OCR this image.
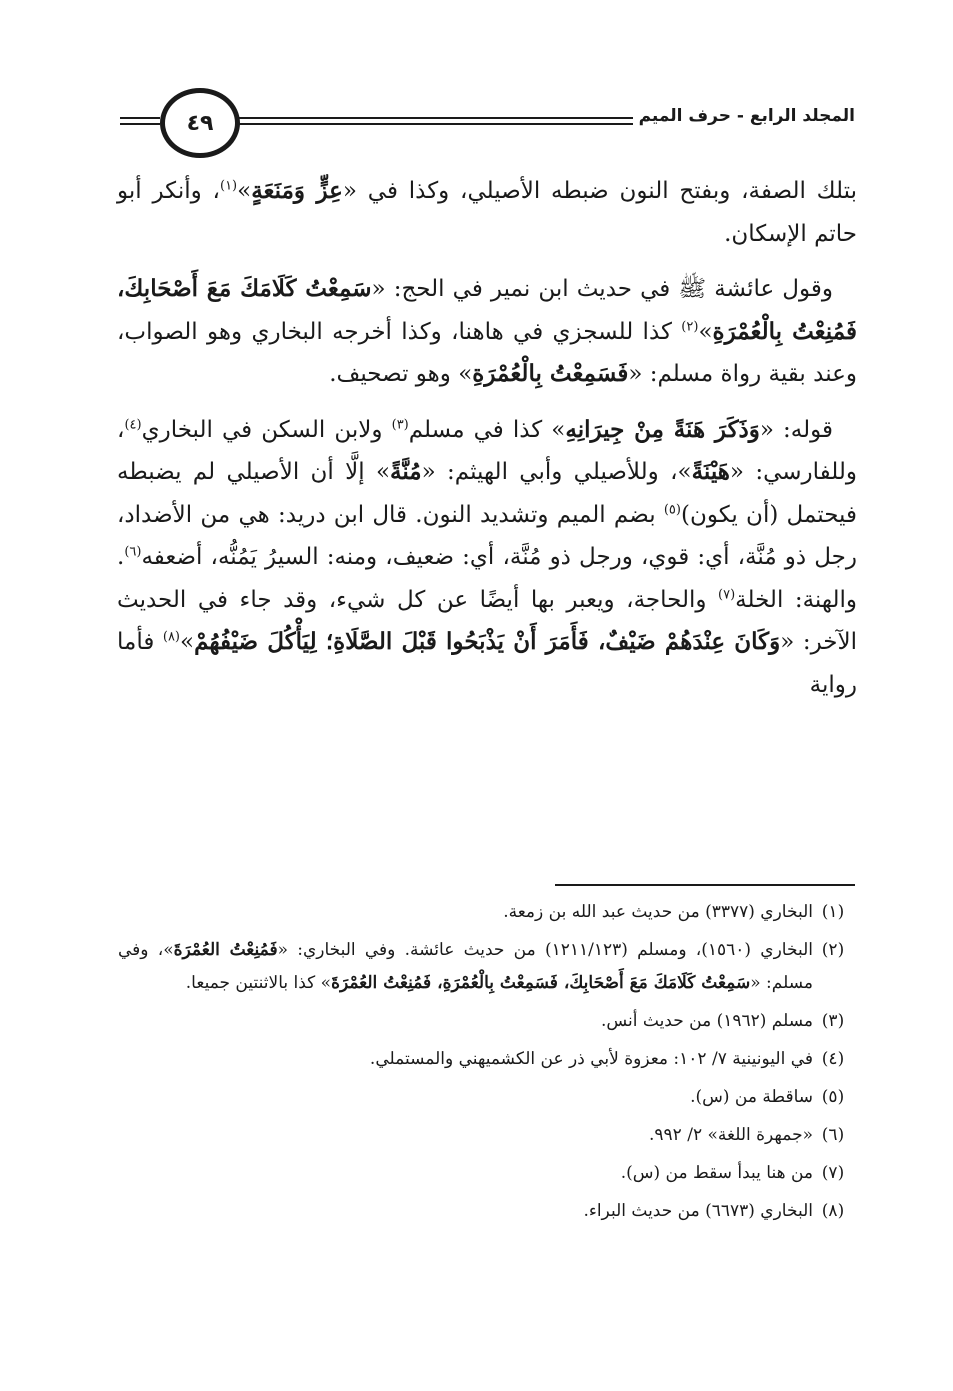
المجلد الرابع - حرف الميم
٤٩

بتلك الصفة، وبفتح النون ضبطه الأصيلي، وكذا في «عِزٍّ وَمَنَعَةٍ»$^{(١)}$، وأنكر أبو حاتم الإسكان.

وقول عائشة ﷺ في حديث ابن نمير في الحج: «سَمِعْتُ كَلَامَكَ مَعَ أَصْحَابِكَ، فَمُنِعْتُ بِالْعُمْرَةِ»$^{(٢)}$ كذا للسجزي في هاهنا، وكذا أخرجه البخاري وهو الصواب، وعند بقية رواة مسلم: «فَسَمِعْتُ بِالْعُمْرَةِ» وهو تصحيف.

قوله: «وَذَكَرَ هَنَةً مِنْ جِيرَانِهِ» كذا في مسلم$^{(٣)}$ ولابن السكن في البخاري$^{(٤)}$، وللفارسي: «هَيْنَةً»، وللأصيلي وأبي الهيثم: «مُنَّةً» إلَّا أن الأصيلي لم يضبطه فيحتمل (أن يكون)$^{(٥)}$ بضم الميم وتشديد النون. قال ابن دريد: هي من الأضداد، رجل ذو مُنَّة، أي: قوي، ورجل ذو مُنَّة، أي: ضعيف، ومنه: السيرُ يَمُنُّه، أضعفه$^{(٦)}$. والهنة: الخلة$^{(٧)}$ والحاجة، ويعبر بها أيضًا عن كل شيء، وقد جاء في الحديث الآخر: «وَكَانَ عِنْدَهُمْ ضَيْفٌ، فَأَمَرَ أَنْ يَذْبَحُوا قَبْلَ الصَّلَاةِ؛ لِيَأْكُلَ ضَيْفُهُمْ»$^{(٨)}$ فأما رواية

(١)
البخاري (٣٣٧٧) من حديث عبد الله بن زمعة.
(٢)
البخاري (١٥٦٠)، ومسلم (١٢١١/١٢٣) من حديث عائشة. وفي البخاري: «فَمُنِعْتُ العُمْرَةَ»، وفي مسلم: «سَمِعْتُ كَلَامَكَ مَعَ أَصْحَابِكَ، فَسَمِعْتُ بِالْعُمْرَةِ، فَمُنِعْتُ العُمْرَةَ» كذا بالاثنتين جميعا.
(٣)
مسلم (١٩٦٢) من حديث أنس.
(٤)
في اليونينية ٧/ ١٠٢: معزوة لأبي ذر عن الكشميهني والمستملي.
(٥)
ساقطة من (س).
(٦)
«جمهرة اللغة» ٢/ ٩٩٢.
(٧)
من هنا يبدأ سقط من (س).
(٨)
البخاري (٦٦٧٣) من حديث البراء.
